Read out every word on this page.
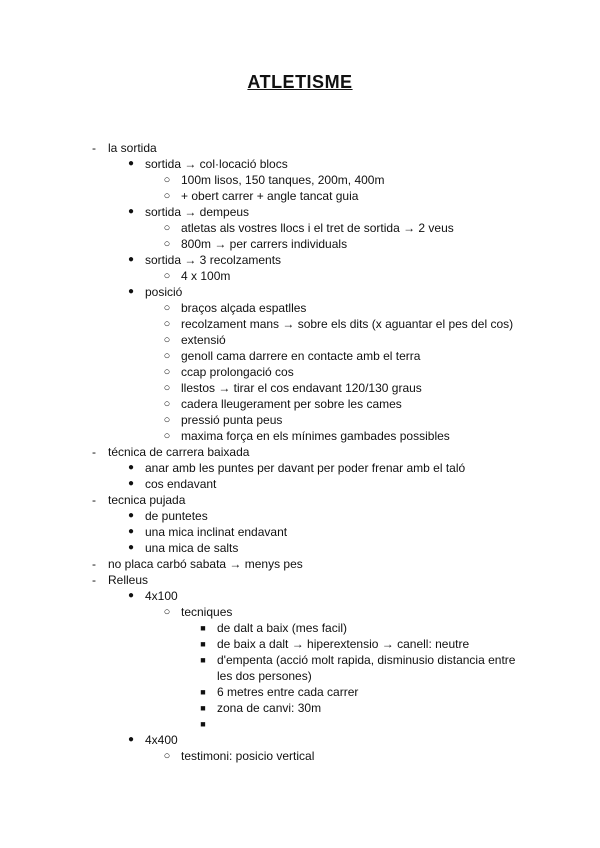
ATLETISME
-	la sortida
● sortida → col·locació blocs
○ 100m lisos, 150 tanques, 200m, 400m
○ + obert carrer + angle tancat guia
● sortida → dempeus
○ atletas als vostres llocs i el tret de sortida → 2 veus
○ 800m → per carrers individuals
● sortida → 3 recolzaments
○ 4 x 100m
● posició
○ braços alçada espatlles
○ recolzament mans → sobre els dits (x aguantar el pes del cos)
○ extensió
○ genoll cama darrere en contacte amb el terra
○ ccap prolongació cos
○ llestos → tirar el cos endavant 120/130 graus
○ cadera lleugerament per sobre les cames
○ pressió punta peus
○ maxima força en els mínimes gambades possibles
-	técnica de carrera baixada
● anar amb les puntes per davant per poder frenar amb el taló
● cos endavant
-	tecnica pujada
● de puntetes
● una mica inclinat endavant
● una mica de salts
-	no placa carbó sabata → menys pes
-	Relleus
● 4x100
○ tecniques
■ de dalt a baix (mes facil)
■ de baix a dalt → hiperextensio → canell: neutre
■ d'empenta (acció molt rapida, disminusio distancia entre
les dos persones)
■ 6 metres entre cada carrer
■ zona de canvi: 30m
■
● 4x400
○ testimoni: posicio vertical
